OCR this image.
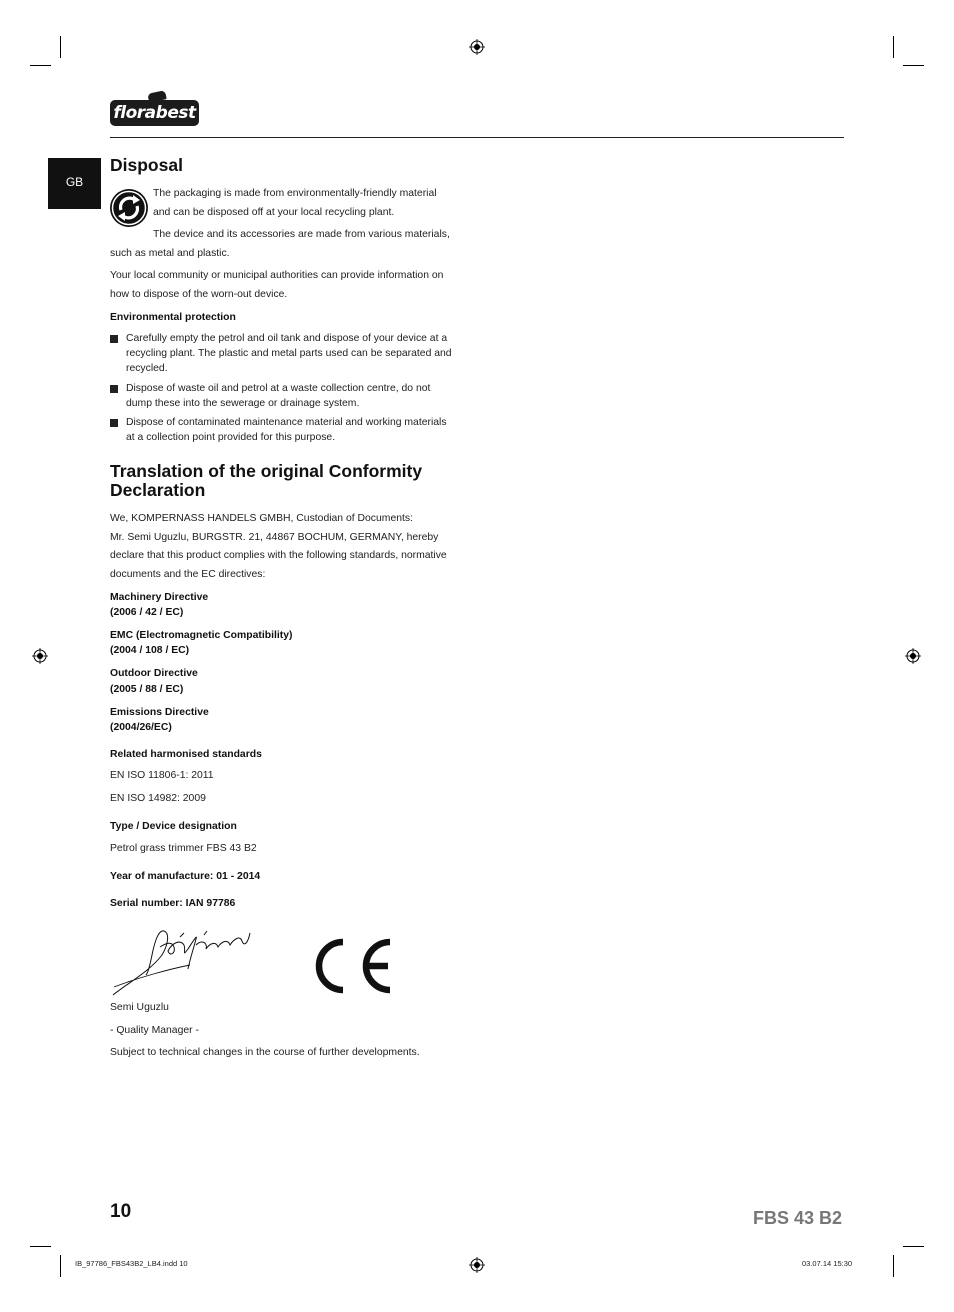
florabest
GB
Disposal
The packaging is made from environmentally-friendly material
and can be disposed off at your local recycling plant.
The device and its accessories are made from various materials,
such as metal and plastic.
Your local community or municipal authorities can provide information on
how to dispose of the worn-out device.
Environmental protection
Carefully empty the petrol and oil tank and dispose of your device at a
recycling plant. The plastic and metal parts used can be separated and
recycled.
Dispose of waste oil and petrol at a waste collection centre, do not
dump these into the sewerage or drainage system.
Dispose of contaminated maintenance material and working materials
at a collection point provided for this purpose.
Translation of the original Conformity
Declaration
We, KOMPERNASS HANDELS GMBH, Custodian of Documents:
Mr. Semi Uguzlu, BURGSTR. 21, 44867 BOCHUM, GERMANY, hereby
declare that this product complies with the following standards, normative
documents and the EC directives:
Machinery Directive
(2006 / 42 / EC)
EMC (Electromagnetic Compatibility)
(2004 / 108 / EC)
Outdoor Directive
(2005 / 88 / EC)
Emissions Directive
(2004/26/EC)
Related harmonised standards
EN ISO 11806-1: 2011
EN ISO 14982: 2009
Type / Device designation
Petrol grass trimmer FBS 43 B2
Year of manufacture: 01 - 2014
Serial number: IAN 97786
Semi Uguzlu
- Quality Manager -
Subject to technical changes in the course of further developments.
10	FBS 43 B2
IB_97786_FBS43B2_LB4.indd 10	03.07.14 15:30
